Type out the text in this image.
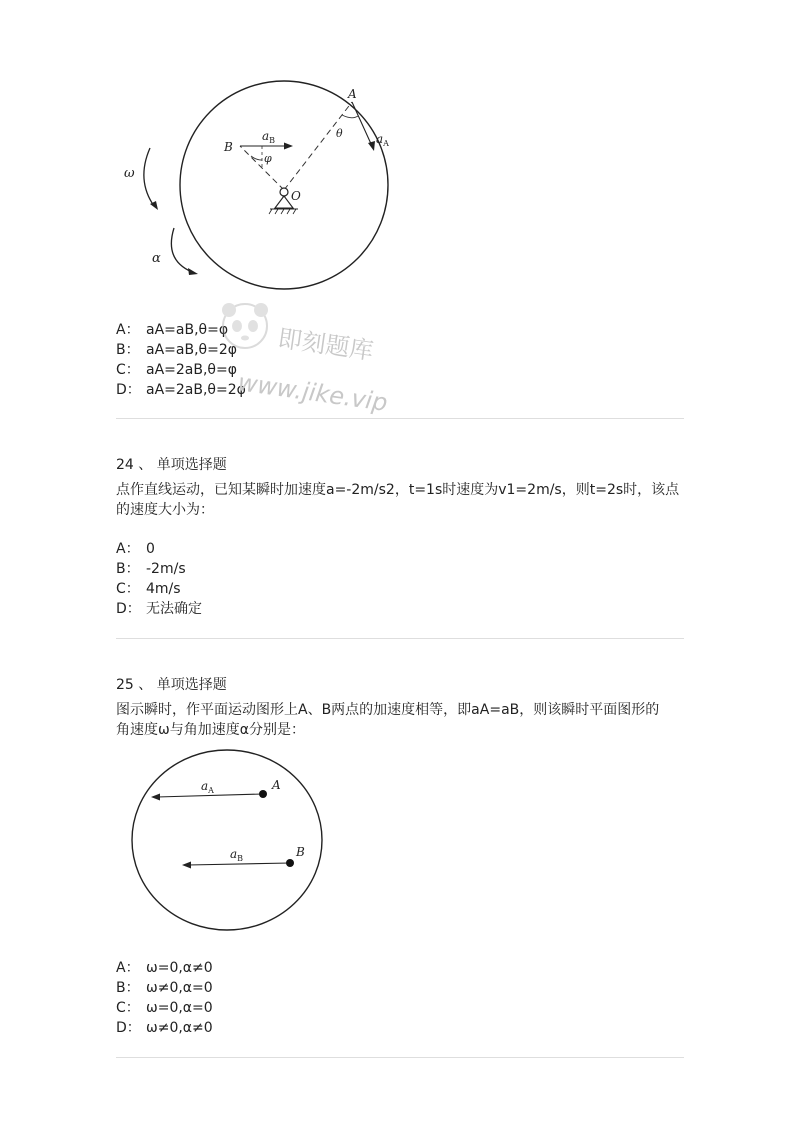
A
B
O
θ
φ
ω
α
$a_A$
$a_B$
A： aA=aB,θ=φ
B： aA=aB,θ=2φ
C： aA=2aB,θ=φ
D： aA=2aB,θ=2φ
即刻题库
www.jike.vip
24 、 单项选择题
点作直线运动，已知某瞬时加速度a=-2m/s2，t=1s时速度为v1=2m/s，则t=2s时，该点
的速度大小为：
A： 0
B： -2m/s
C： 4m/s
D： 无法确定
25 、 单项选择题
图示瞬时，作平面运动图形上A、B两点的加速度相等，即aA=aB，则该瞬时平面图形的
角速度ω与角加速度α分别是：
A
B
$a_A$
$a_B$
A： ω=0,α≠0
B： ω≠0,α=0
C： ω=0,α=0
D： ω≠0,α≠0
